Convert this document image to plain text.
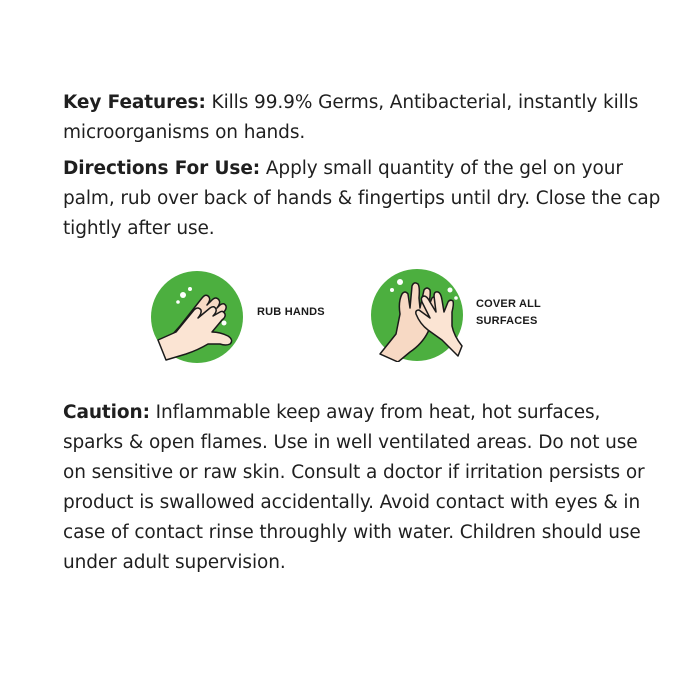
Key Features: Kills 99.9% Germs, Antibacterial, instantly kills microorganisms on hands.
Directions For Use: Apply small quantity of the gel on your palm, rub over back of hands & fingertips until dry. Close the cap tightly after use.
RUB HANDS
COVER ALL
SURFACES
Caution: Inflammable keep away from heat, hot surfaces, sparks & open flames. Use in well ventilated areas. Do not use on sensitive or raw skin. Consult a doctor if irritation persists or product is swallowed accidentally. Avoid contact with eyes & in case of contact rinse throughly with water. Children should use under adult supervision.
